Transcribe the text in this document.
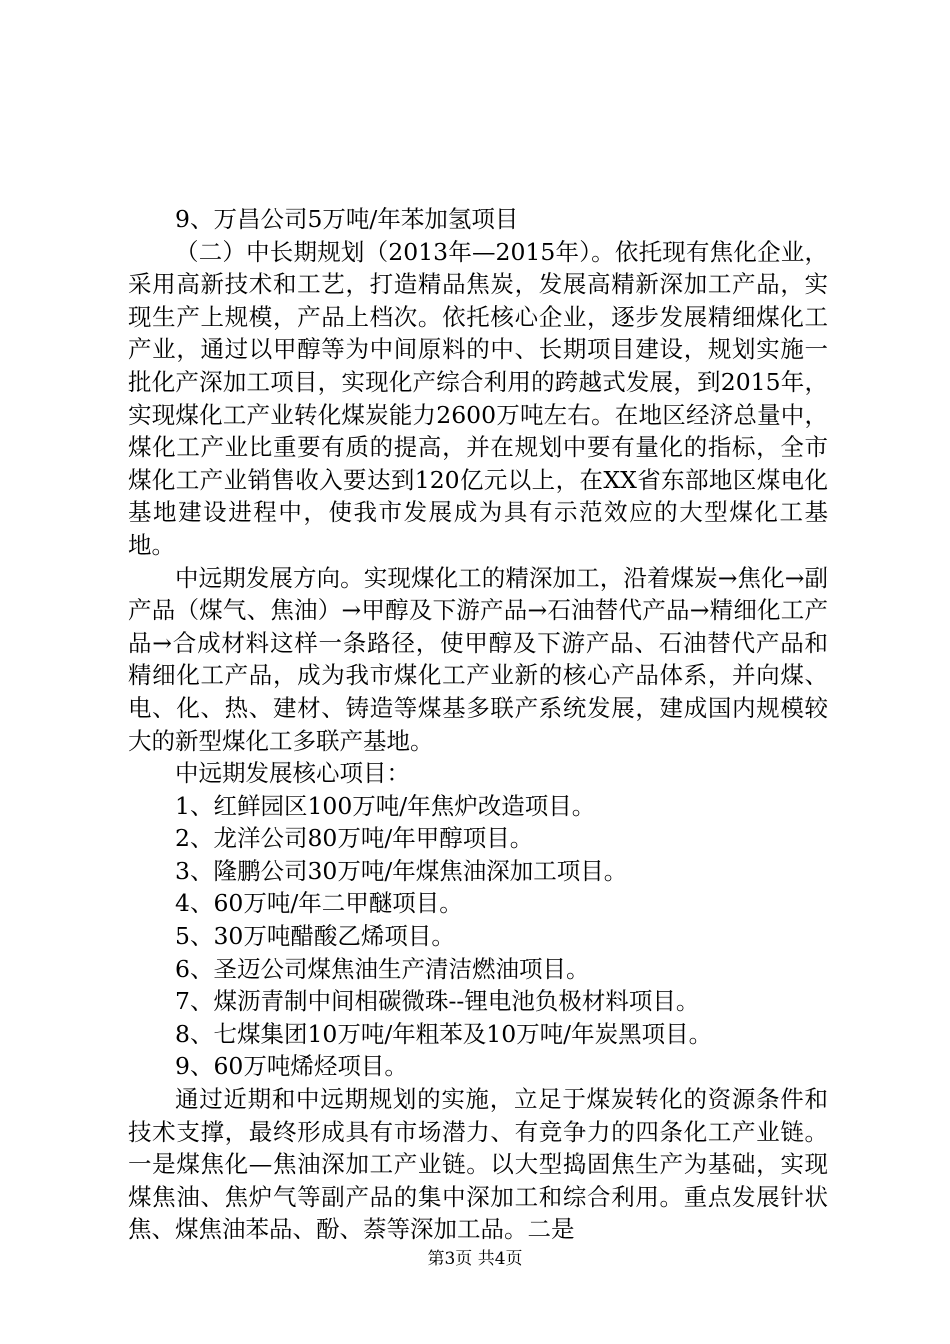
9、万昌公司5万吨/年苯加氢项目

（二）中长期规划（2013年—2015年）。依托现有焦化企业，采用高新技术和工艺，打造精品焦炭，发展高精新深加工产品，实现生产上规模，产品上档次。依托核心企业，逐步发展精细煤化工产业，通过以甲醇等为中间原料的中、长期项目建设，规划实施一批化产深加工项目，实现化产综合利用的跨越式发展，到2015年，实现煤化工产业转化煤炭能力2600万吨左右。在地区经济总量中，煤化工产业比重要有质的提高，并在规划中要有量化的指标，全市煤化工产业销售收入要达到120亿元以上，在XX省东部地区煤电化基地建设进程中，使我市发展成为具有示范效应的大型煤化工基地。

中远期发展方向。实现煤化工的精深加工，沿着煤炭→焦化→副产品（煤气、焦油）→甲醇及下游产品→石油替代产品→精细化工产品→合成材料这样一条路径，使甲醇及下游产品、石油替代产品和精细化工产品，成为我市煤化工产业新的核心产品体系，并向煤、电、化、热、建材、铸造等煤基多联产系统发展，建成国内规模较大的新型煤化工多联产基地。

中远期发展核心项目：

1、红鲜园区100万吨/年焦炉改造项目。

2、龙洋公司80万吨/年甲醇项目。

3、隆鹏公司30万吨/年煤焦油深加工项目。

4、60万吨/年二甲醚项目。

5、30万吨醋酸乙烯项目。

6、圣迈公司煤焦油生产清洁燃油项目。

7、煤沥青制中间相碳微珠--锂电池负极材料项目。

8、七煤集团10万吨/年粗苯及10万吨/年炭黑项目。

9、60万吨烯烃项目。

通过近期和中远期规划的实施，立足于煤炭转化的资源条件和技术支撑，最终形成具有市场潜力、有竞争力的四条化工产业链。一是煤焦化—焦油深加工产业链。以大型捣固焦生产为基础，实现煤焦油、焦炉气等副产品的集中深加工和综合利用。重点发展针状焦、煤焦油苯品、酚、萘等深加工品。二是

第3页 共4页
